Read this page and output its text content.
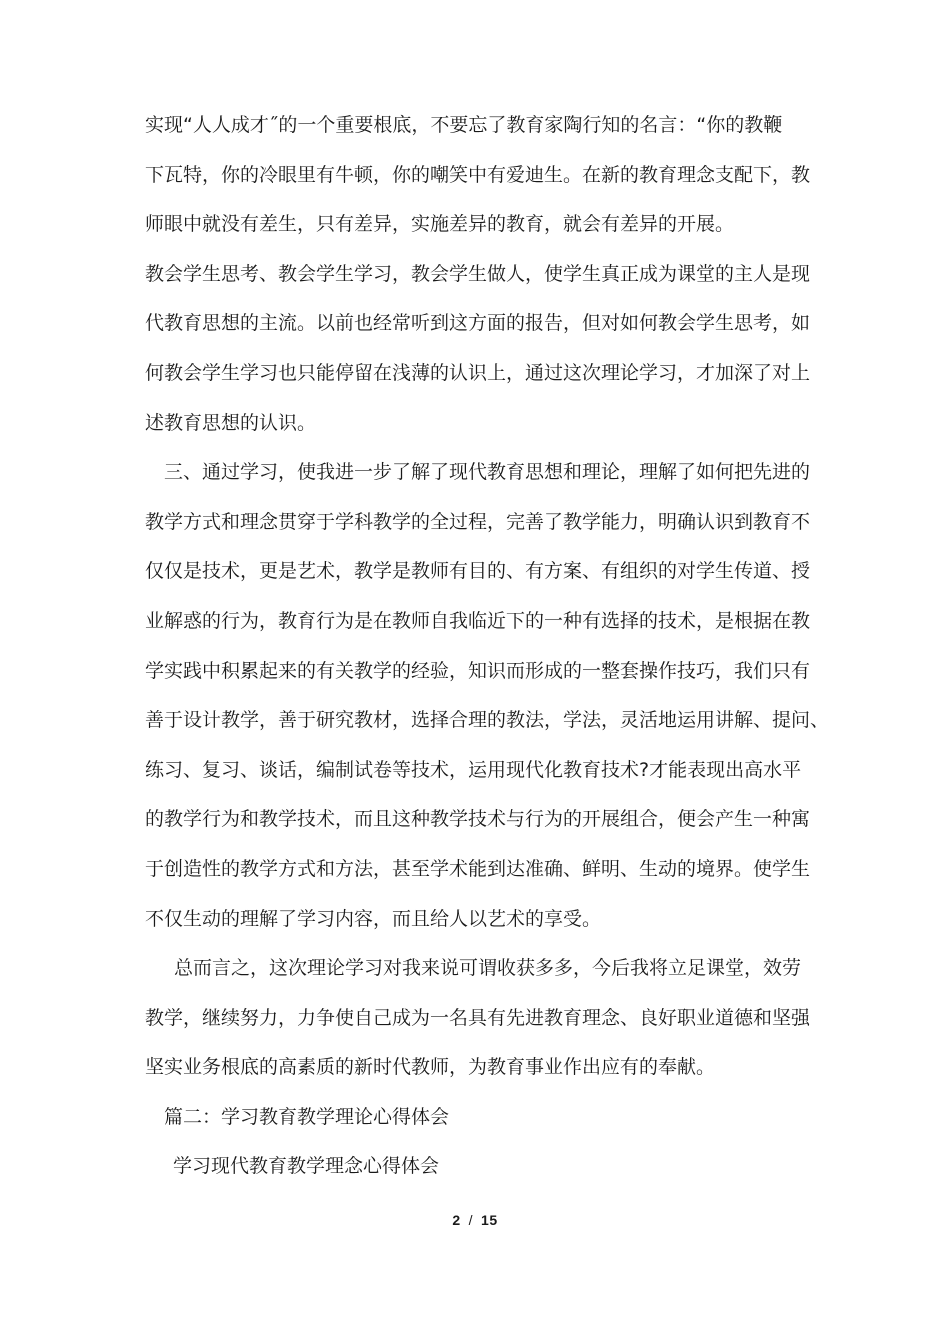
实现“人人成才˝的一个重要根底，不要忘了教育家陶行知的名言：“你的教鞭
下瓦特，你的冷眼里有牛顿，你的嘲笑中有爱迪生。在新的教育理念支配下，教
师眼中就没有差生，只有差异，实施差异的教育，就会有差异的开展。
教会学生思考、教会学生学习，教会学生做人，使学生真正成为课堂的主人是现
代教育思想的主流。以前也经常听到这方面的报告，但对如何教会学生思考，如
何教会学生学习也只能停留在浅薄的认识上，通过这次理论学习，才加深了对上
述教育思想的认识。
三、通过学习，使我进一步了解了现代教育思想和理论，理解了如何把先进的
教学方式和理念贯穿于学科教学的全过程，完善了教学能力，明确认识到教育不
仅仅是技术，更是艺术，教学是教师有目的、有方案、有组织的对学生传道、授
业解惑的行为，教育行为是在教师自我临近下的一种有选择的技术，是根据在教
学实践中积累起来的有关教学的经验，知识而形成的一整套操作技巧，我们只有
善于设计教学，善于研究教材，选择合理的教法，学法，灵活地运用讲解、提问、
练习、复习、谈话，编制试卷等技术，运用现代化教育技术?才能表现出高水平
的教学行为和教学技术，而且这种教学技术与行为的开展组合，便会产生一种寓
于创造性的教学方式和方法，甚至学术能到达准确、鲜明、生动的境界。使学生
不仅生动的理解了学习内容，而且给人以艺术的享受。
总而言之，这次理论学习对我来说可谓收获多多，今后我将立足课堂，效劳
教学，继续努力，力争使自己成为一名具有先进教育理念、良好职业道德和坚强
坚实业务根底的高素质的新时代教师，为教育事业作出应有的奉献。
篇二：学习教育教学理论心得体会
学习现代教育教学理念心得体会
2 / 15
